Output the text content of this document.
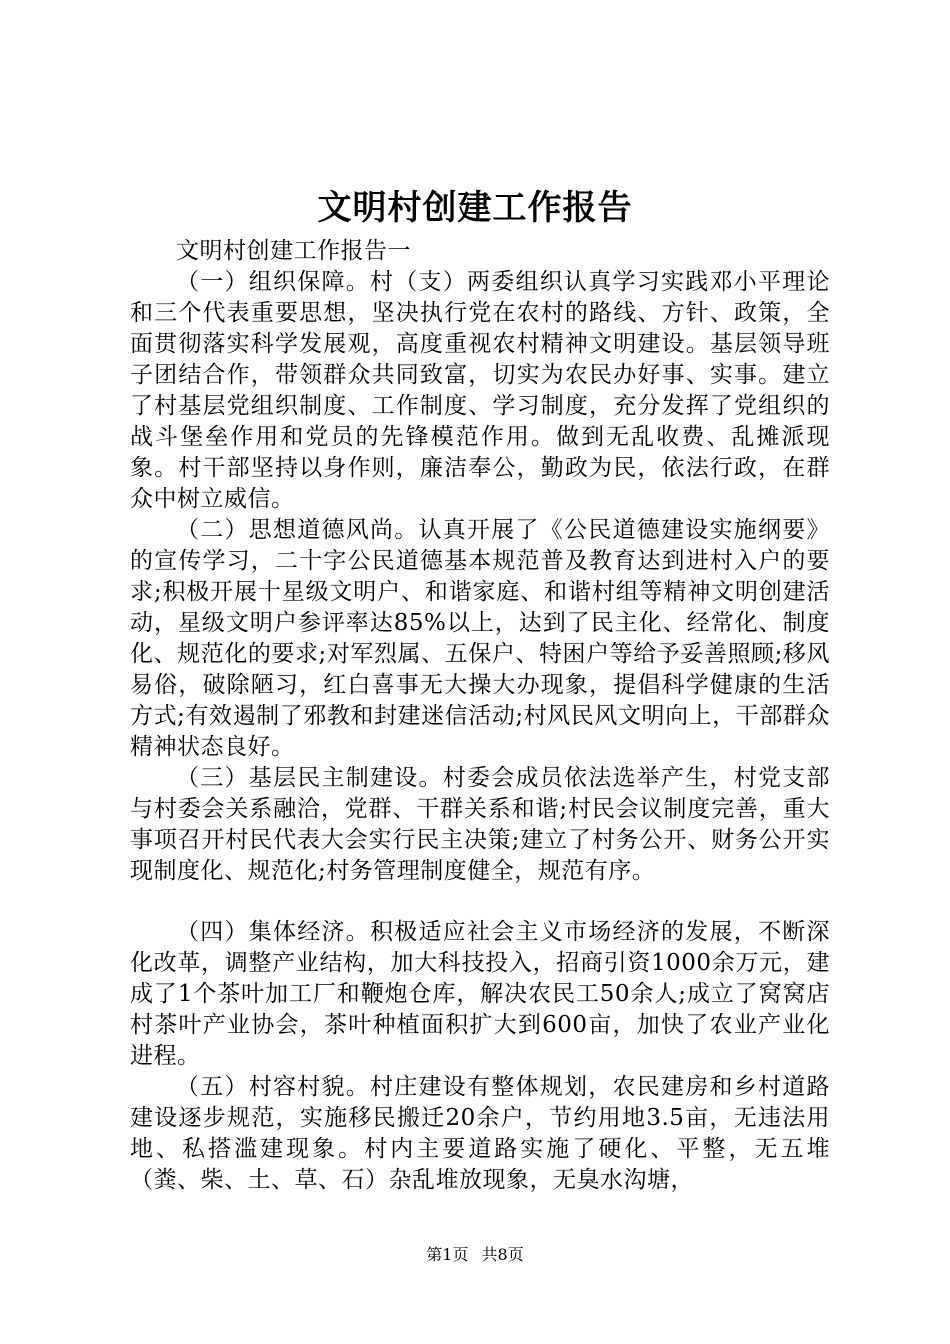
文明村创建工作报告

文明村创建工作报告一

（一）组织保障。村（支）两委组织认真学习实践邓小平理论和三个代表重要思想，坚决执行党在农村的路线、方针、政策，全面贯彻落实科学发展观，高度重视农村精神文明建设。基层领导班子团结合作，带领群众共同致富，切实为农民办好事、实事。建立了村基层党组织制度、工作制度、学习制度，充分发挥了党组织的战斗堡垒作用和党员的先锋模范作用。做到无乱收费、乱摊派现象。村干部坚持以身作则，廉洁奉公，勤政为民，依法行政，在群众中树立威信。

（二）思想道德风尚。认真开展了《公民道德建设实施纲要》的宣传学习，二十字公民道德基本规范普及教育达到进村入户的要求;积极开展十星级文明户、和谐家庭、和谐村组等精神文明创建活动，星级文明户参评率达85%以上，达到了民主化、经常化、制度化、规范化的要求;对军烈属、五保户、特困户等给予妥善照顾;移风易俗，破除陋习，红白喜事无大操大办现象，提倡科学健康的生活方式;有效遏制了邪教和封建迷信活动;村风民风文明向上，干部群众精神状态良好。

（三）基层民主制建设。村委会成员依法选举产生，村党支部与村委会关系融洽，党群、干群关系和谐;村民会议制度完善，重大事项召开村民代表大会实行民主决策;建立了村务公开、财务公开实现制度化、规范化;村务管理制度健全，规范有序。

（四）集体经济。积极适应社会主义市场经济的发展，不断深化改革，调整产业结构，加大科技投入，招商引资1000余万元，建成了1个茶叶加工厂和鞭炮仓库，解决农民工50余人;成立了窝窝店村茶叶产业协会，茶叶种植面积扩大到600亩，加快了农业产业化进程。

（五）村容村貌。村庄建设有整体规划，农民建房和乡村道路建设逐步规范，实施移民搬迁20余户，节约用地3.5亩，无违法用地、私搭滥建现象。村内主要道路实施了硬化、平整，无五堆（粪、柴、土、草、石）杂乱堆放现象，无臭水沟塘，

第1页 共8页
